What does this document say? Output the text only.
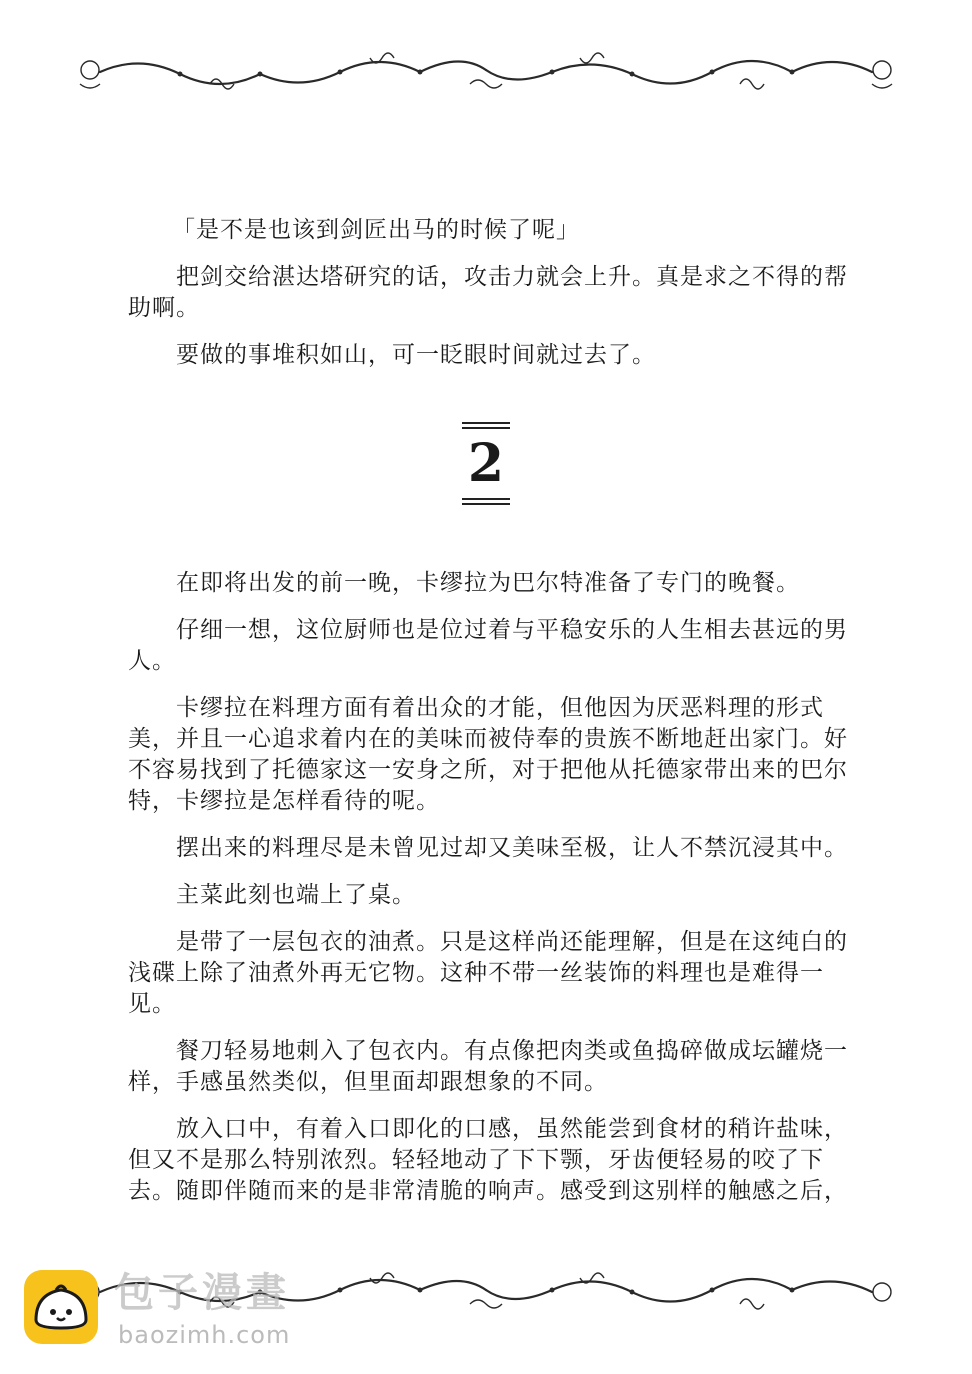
「是不是也该到剑匠出马的时候了呢」

把剑交给湛达塔研究的话，攻击力就会上升。真是求之不得的帮助啊。

要做的事堆积如山，可一眨眼时间就过去了。

2

在即将出发的前一晚，卡缪拉为巴尔特准备了专门的晚餐。

仔细一想，这位厨师也是位过着与平稳安乐的人生相去甚远的男人。

卡缪拉在料理方面有着出众的才能，但他因为厌恶料理的形式美，并且一心追求着内在的美味而被侍奉的贵族不断地赶出家门。好不容易找到了托德家这一安身之所，对于把他从托德家带出来的巴尔特，卡缪拉是怎样看待的呢。

摆出来的料理尽是未曾见过却又美味至极，让人不禁沉浸其中。

主菜此刻也端上了桌。

是带了一层包衣的油煮。只是这样尚还能理解，但是在这纯白的浅碟上除了油煮外再无它物。这种不带一丝装饰的料理也是难得一见。

餐刀轻易地刺入了包衣内。有点像把肉类或鱼捣碎做成坛罐烧一样，手感虽然类似，但里面却跟想象的不同。

放入口中，有着入口即化的口感，虽然能尝到食材的稍许盐味，但又不是那么特别浓烈。轻轻地动了下下颚，牙齿便轻易的咬了下去。随即伴随而来的是非常清脆的响声。感受到这别样的触感之后，

包子漫畫
baozimh.com
